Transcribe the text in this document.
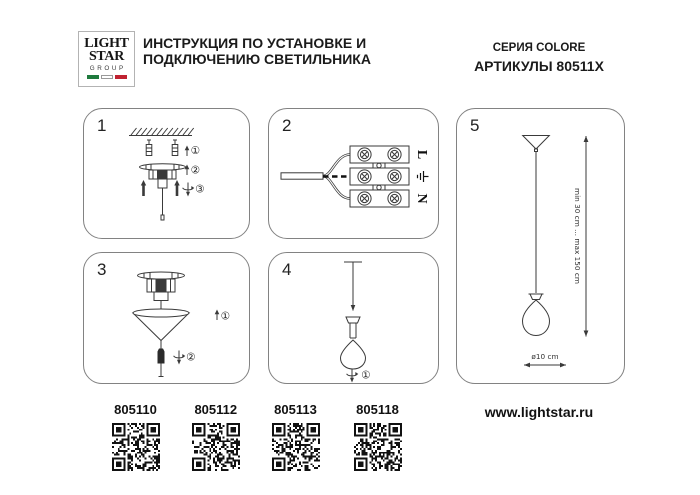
LIGHT
STAR
GROUP
ИНСТРУКЦИЯ ПО УСТАНОВКЕ И
ПОДКЛЮЧЕНИЮ СВЕТИЛЬНИКА
СЕРИЯ COLORE
АРТИКУЛЫ 80511X
1
①
②
③
2
L
N
3
①
②
4
①
5
min 30 cm ... max 150 cm
ø10 cm
805110	805112	805113	805118	www.lightstar.ru
